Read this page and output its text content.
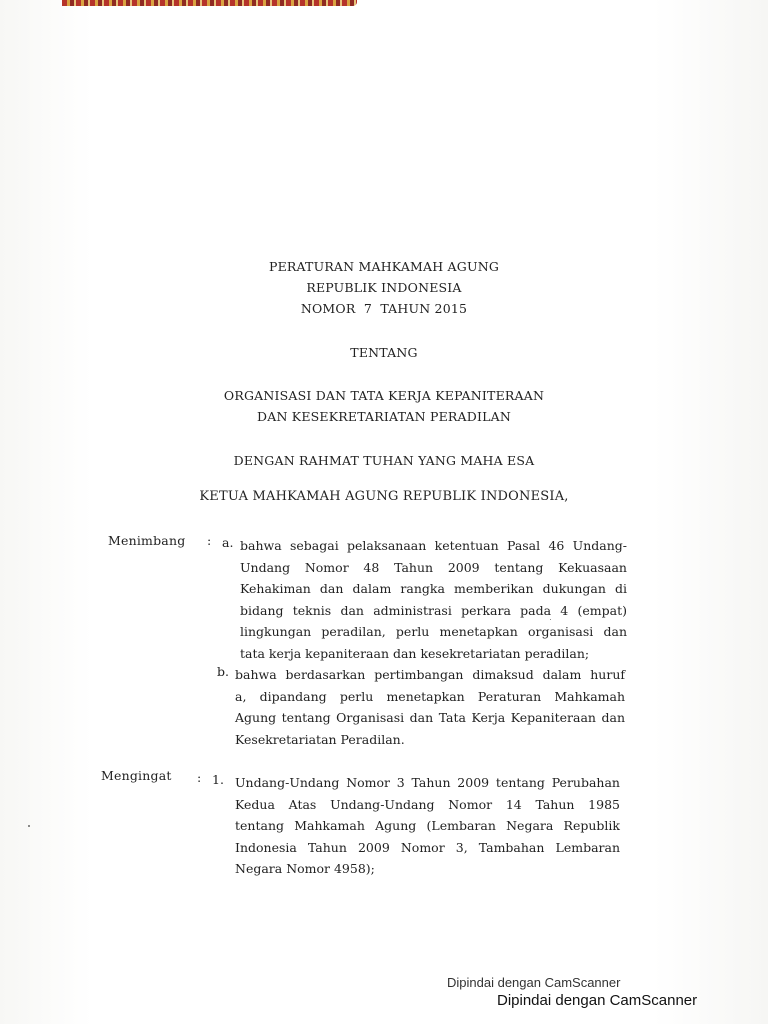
PERATURAN MAHKAMAH AGUNG
REPUBLIK INDONESIA
NOMOR  7  TAHUN 2015
TENTANG
ORGANISASI DAN TATA KERJA KEPANITERAAN
DAN KESEKRETARIATAN PERADILAN
DENGAN RAHMAT TUHAN YANG MAHA ESA
KETUA MAHKAMAH AGUNG REPUBLIK INDONESIA,
Menimbang : a. bahwa sebagai pelaksanaan ketentuan Pasal 46 Undang-
Undang Nomor 48 Tahun 2009 tentang Kekuasaan
Kehakiman dan dalam rangka memberikan dukungan di
bidang teknis dan administrasi perkara pada 4 (empat)
lingkungan peradilan, perlu menetapkan organisasi dan
tata kerja kepaniteraan dan kesekretariatan peradilan;
b. bahwa berdasarkan pertimbangan dimaksud dalam huruf
a, dipandang perlu menetapkan Peraturan Mahkamah
Agung tentang Organisasi dan Tata Kerja Kepaniteraan dan
Kesekretariatan Peradilan.
Mengingat : 1. Undang-Undang Nomor 3 Tahun 2009 tentang Perubahan
Kedua Atas Undang-Undang Nomor 14 Tahun 1985
tentang Mahkamah Agung (Lembaran Negara Republik
Indonesia Tahun 2009 Nomor 3, Tambahan Lembaran
Negara Nomor 4958);
Dipindai dengan CamScanner
Dipindai dengan CamScanner
